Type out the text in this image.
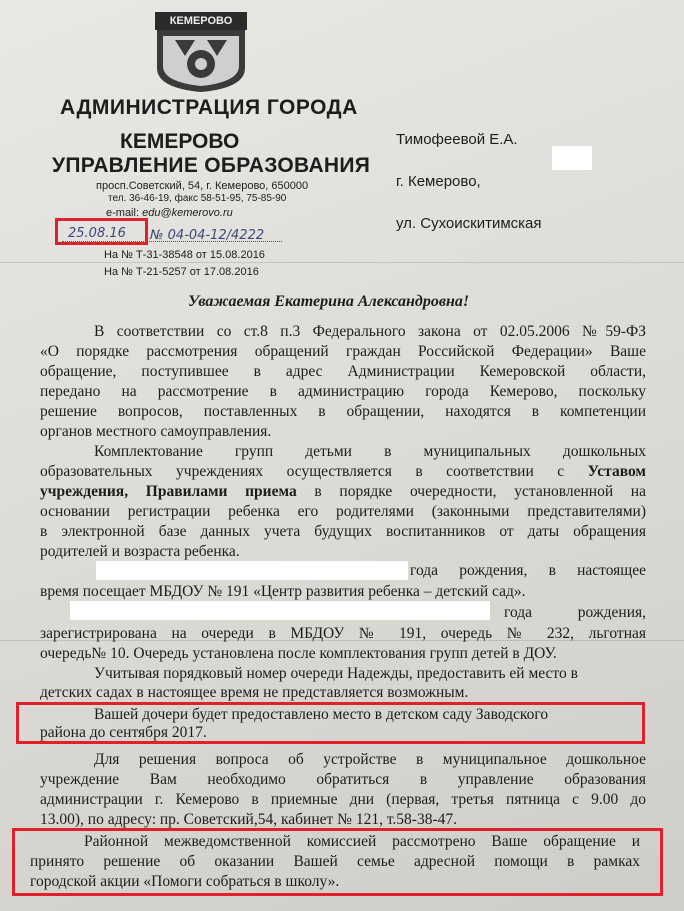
КЕМЕРОВО
АДМИНИСТРАЦИЯ ГОРОДА
КЕМЕРОВО
УПРАВЛЕНИЕ ОБРАЗОВАНИЯ
просп.Советский, 54, г. Кемерово, 650000
тел. 36-46-19, факс 58-51-95, 75-85-90
e-mail: edu@kemerovo.ru
25.08.16 № 04-04-12/4222
На № Т-31-38548 от 15.08.2016
На № Т-21-5257 от 17.08.2016

Тимофеевой Е.А.

г. Кемерово,

ул. Сухоискитимская

Уважаемая Екатерина Александровна!
В соответствии со ст.8 п.3 Федерального закона от 02.05.2006 №59-ФЗ
«О порядке рассмотрения обращений граждан Российской Федерации» Ваше
обращение, поступившее в адрес Администрации Кемеровской области,
передано на рассмотрение в администрацию города Кемерово, поскольку
решение вопросов, поставленных в обращении, находятся в компетенции
органов местного самоуправления.
Комплектование групп детьми в муниципальных дошкольных
образовательных учреждениях осуществляется в соответствии с Уставом
учреждения, Правилами приема в порядке очередности, установленной на
основании регистрации ребенка его родителями (законными представителями)
в электронной базе данных учета будущих воспитанников от даты обращения
родителей и возраста ребенка.
года рождения, в настоящее
время посещает МБДОУ № 191 «Центр развития ребенка – детский сад».
года рождения,
зарегистрирована на очереди в МБДОУ № 191, очередь № 232, льготная
очередь№ 10. Очередь установлена после комплектования групп детей в ДОУ.
Учитывая порядковый номер очереди Надежды, предоставить ей место в
детских садах в настоящее время не представляется возможным.
Вашей дочери будет предоставлено место в детском саду Заводского
района до сентября 2017.
Для решения вопроса об устройстве в муниципальное дошкольное
учреждение Вам необходимо обратиться в управление образования
администрации г. Кемерово в приемные дни (первая, третья пятница с 9.00 до
13.00), по адресу: пр. Советский,54, кабинет № 121, т.58-38-47.
Районной межведомственной комиссией рассмотрено Ваше обращение и
принято решение об оказании Вашей семье адресной помощи в рамках
городской акции «Помоги собраться в школу».
